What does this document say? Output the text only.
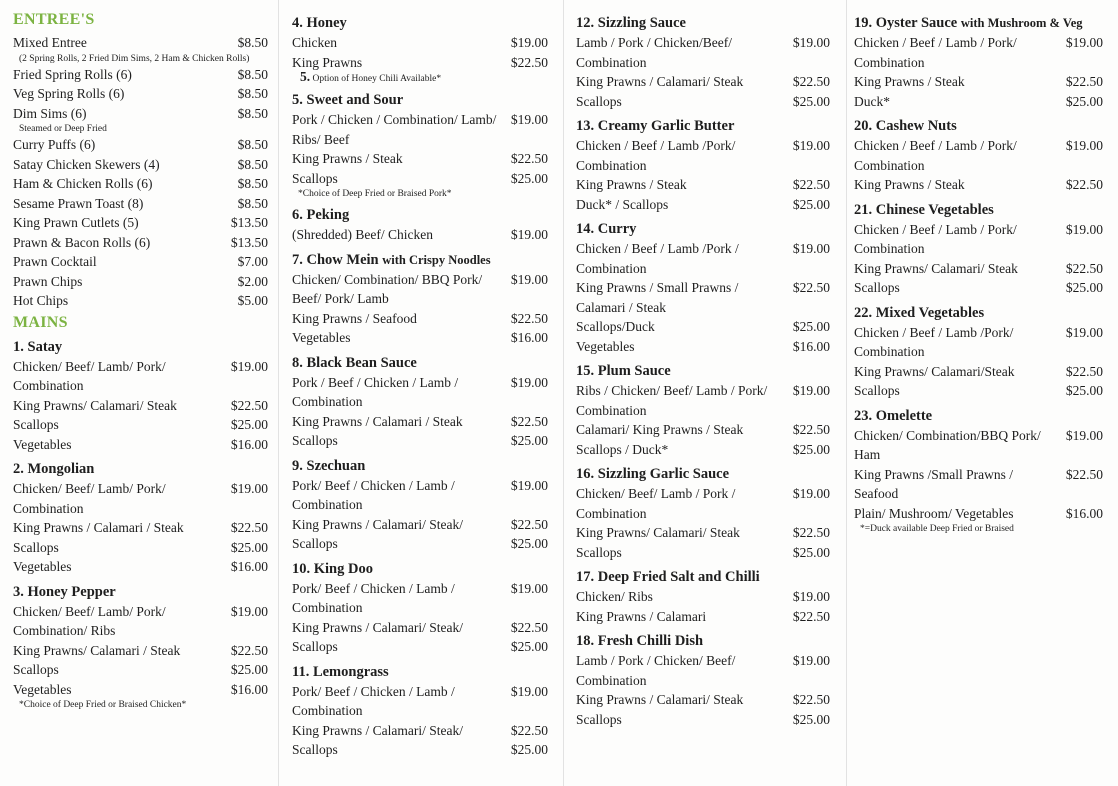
ENTREE'S
Mixed Entree	$8.50
(2 Spring Rolls, 2 Fried Dim Sims, 2 Ham & Chicken Rolls)
Fried Spring Rolls (6)	$8.50
Veg Spring Rolls (6)	$8.50
Dim Sims (6)	$8.50
Steamed or Deep Fried
Curry Puffs (6)	$8.50
Satay Chicken Skewers (4)	$8.50
Ham & Chicken Rolls (6)	$8.50
Sesame Prawn Toast (8)	$8.50
King Prawn Cutlets (5)	$13.50
Prawn & Bacon Rolls (6)	$13.50
Prawn Cocktail	$7.00
Prawn Chips	$2.00
Hot Chips	$5.00
MAINS
1. Satay
Chicken/ Beef/ Lamb/ Pork/ Combination
$19.00
King Prawns/ Calamari/ Steak	$22.50
Scallops	$25.00
Vegetables	$16.00
2. Mongolian
Chicken/ Beef/ Lamb/ Pork/ Combination
$19.00
King Prawns / Calamari / Steak	$22.50
Scallops	$25.00
Vegetables	$16.00
3. Honey Pepper
Chicken/ Beef/ Lamb/ Pork/ Combination/ Ribs
$19.00
King Prawns/ Calamari / Steak	$22.50
Scallops	$25.00
Vegetables	$16.00
*Choice of Deep Fried or Braised Chicken*
4. Honey
Chicken	$19.00
King Prawns	$22.50
5. Option of Honey Chili Available*
5. Sweet and Sour
Pork / Chicken / Combination/ Lamb/ Ribs/ Beef
$19.00
King Prawns / Steak	$22.50
Scallops	$25.00
*Choice of Deep Fried or Braised Pork*
6. Peking
(Shredded) Beef/ Chicken	$19.00
7. Chow Mein with Crispy Noodles
Chicken/ Combination/ BBQ Pork/ Beef/ Pork/ Lamb
$19.00
King Prawns / Seafood	$22.50
Vegetables	$16.00
8. Black Bean Sauce
Pork / Beef / Chicken / Lamb / Combination
$19.00
King Prawns / Calamari / Steak	$22.50
Scallops	$25.00
9. Szechuan
Pork/ Beef / Chicken / Lamb / Combination
$19.00
King Prawns / Calamari/ Steak/	$22.50
Scallops	$25.00
10. King Doo
Pork/ Beef / Chicken / Lamb / Combination
$19.00
King Prawns / Calamari/ Steak/	$22.50
Scallops	$25.00
11. Lemongrass
Pork/ Beef / Chicken / Lamb / Combination
$19.00
King Prawns / Calamari/ Steak/	$22.50
Scallops	$25.00
12. Sizzling Sauce
Lamb / Pork / Chicken/Beef/ Combination
$19.00
King Prawns / Calamari/ Steak	$22.50
Scallops	$25.00
13. Creamy Garlic Butter
Chicken / Beef / Lamb /Pork/ Combination
$19.00
King Prawns / Steak	$22.50
Duck* / Scallops	$25.00
14. Curry
Chicken / Beef / Lamb /Pork / Combination
$19.00
King Prawns / Small Prawns / Calamari / Steak
$22.50
Scallops/Duck	$25.00
Vegetables	$16.00
15. Plum Sauce
Ribs / Chicken/ Beef/ Lamb / Pork/ Combination
$19.00
Calamari/ King Prawns / Steak	$22.50
Scallops / Duck*	$25.00
16. Sizzling Garlic Sauce
Chicken/ Beef/ Lamb / Pork / Combination
$19.00
King Prawns/ Calamari/ Steak	$22.50
Scallops	$25.00
17. Deep Fried Salt and Chilli
Chicken/ Ribs	$19.00
King Prawns / Calamari	$22.50
18. Fresh Chilli Dish
Lamb / Pork / Chicken/ Beef/ Combination
$19.00
King Prawns / Calamari/ Steak	$22.50
Scallops	$25.00
19. Oyster Sauce with Mushroom & Veg
Chicken / Beef / Lamb / Pork/ Combination
$19.00
King Prawns / Steak	$22.50
Duck*	$25.00
20. Cashew Nuts
Chicken / Beef / Lamb / Pork/ Combination
$19.00
King Prawns / Steak	$22.50
21. Chinese Vegetables
Chicken / Beef / Lamb / Pork/ Combination
$19.00
King Prawns/ Calamari/ Steak	$22.50
Scallops	$25.00
22. Mixed Vegetables
Chicken / Beef / Lamb /Pork/ Combination
$19.00
King Prawns/ Calamari/Steak	$22.50
Scallops	$25.00
23. Omelette
Chicken/ Combination/BBQ Pork/ Ham
$19.00
King Prawns /Small Prawns / Seafood
$22.50
Plain/ Mushroom/ Vegetables	$16.00
*=Duck available Deep Fried or Braised
